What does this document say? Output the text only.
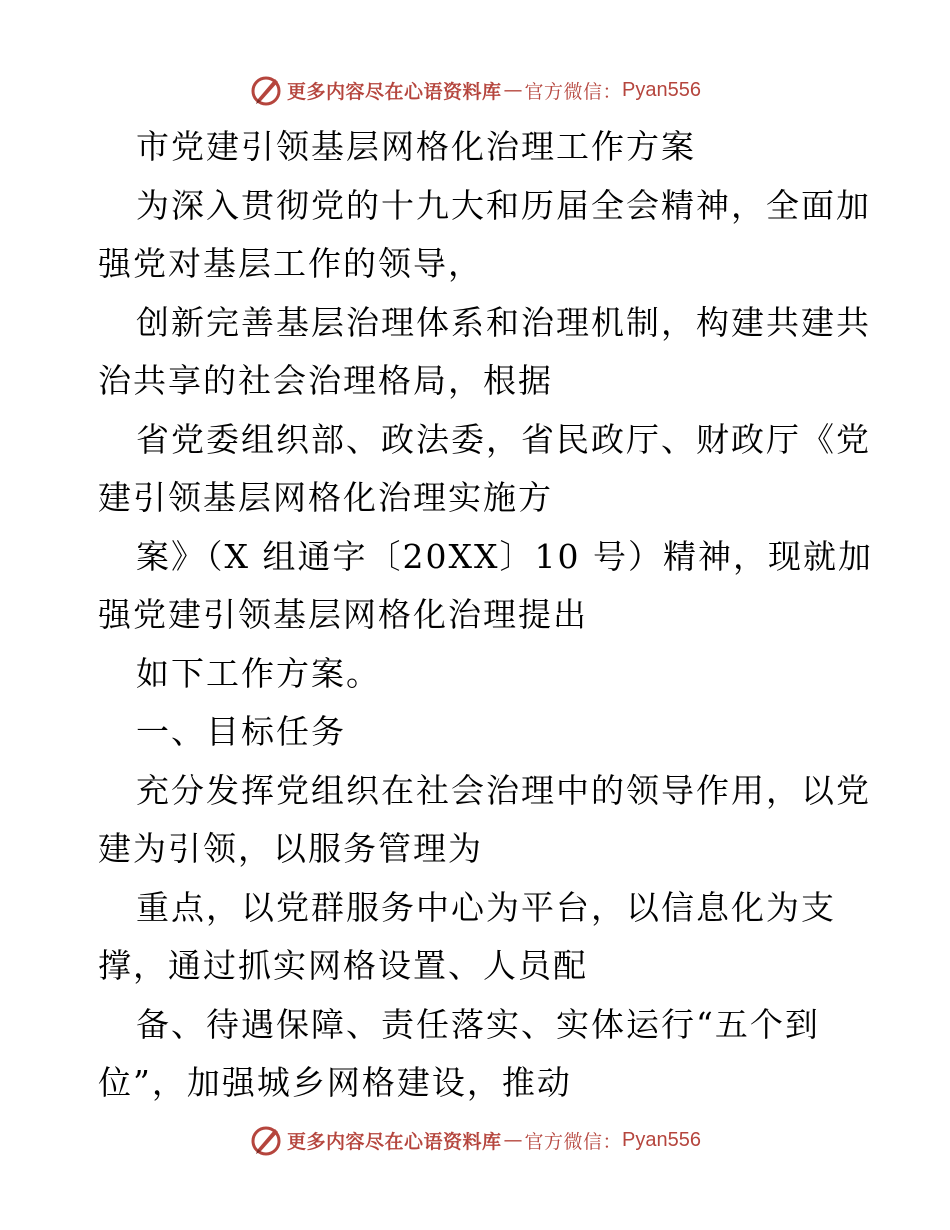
更多内容尽在心语资料库 — 官方微信： Pyan556
市党建引领基层网格化治理工作方案
为深入贯彻党的十九大和历届全会精神，全面加
强党对基层工作的领导，
创新完善基层治理体系和治理机制，构建共建共
治共享的社会治理格局，根据
省党委组织部、政法委，省民政厅、财政厅《党
建引领基层网格化治理实施方
案》（X 组通字〔20XX〕10 号）精神，现就加
强党建引领基层网格化治理提出
如下工作方案。
一、目标任务
充分发挥党组织在社会治理中的领导作用，以党
建为引领，以服务管理为
重点，以党群服务中心为平台，以信息化为支
撑，通过抓实网格设置、人员配
备、待遇保障、责任落实、实体运行“五个到
位”，加强城乡网格建设，推动
更多内容尽在心语资料库 — 官方微信： Pyan556
